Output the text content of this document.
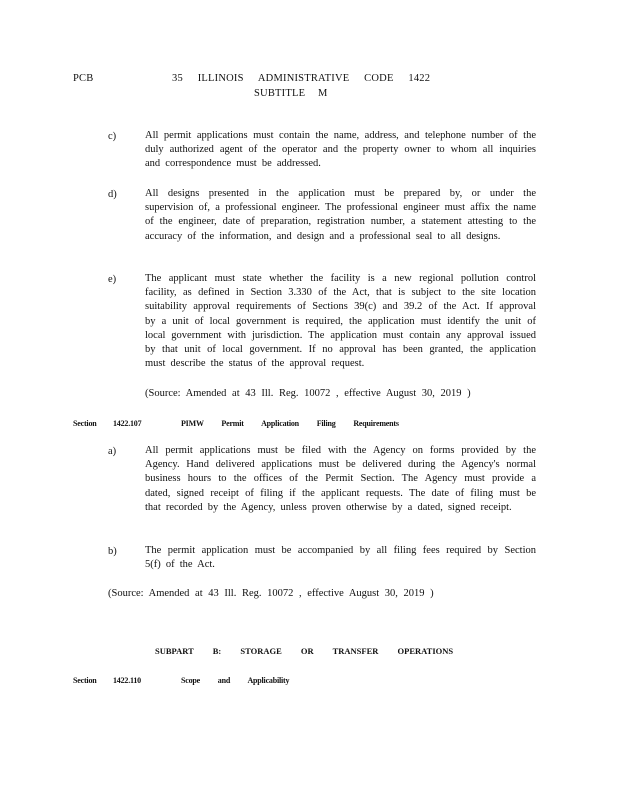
PCB	35 ILLINOIS ADMINISTRATIVE CODE 1422
SUBTITLE M
c)	All permit applications must contain the name, address, and telephone number of the duly authorized agent of the operator and the property owner to whom all inquiries and correspondence must be addressed.
d)	All designs presented in the application must be prepared by, or under the supervision of, a professional engineer. The professional engineer must affix the name of the engineer, date of preparation, registration number, a statement attesting to the accuracy of the information, and design and a professional seal to all designs.
e)	The applicant must state whether the facility is a new regional pollution control facility, as defined in Section 3.330 of the Act, that is subject to the site location suitability approval requirements of Sections 39(c) and 39.2 of the Act. If approval by a unit of local government is required, the application must identify the unit of local government with jurisdiction. The application must contain any approval issued by that unit of local government. If no approval has been granted, the application must describe the status of the approval request.
(Source: Amended at 43 Ill. Reg. 10072 , effective August 30, 2019 )
Section 1422.107	PIMW Permit Application Filing Requirements
a)	All permit applications must be filed with the Agency on forms provided by the Agency. Hand delivered applications must be delivered during the Agency's normal business hours to the offices of the Permit Section. The Agency must provide a dated, signed receipt of filing if the applicant requests. The date of filing must be that recorded by the Agency, unless proven otherwise by a dated, signed receipt.
b)	The permit application must be accompanied by all filing fees required by Section 5(f) of the Act.
(Source: Amended at 43 Ill. Reg. 10072 , effective August 30, 2019 )
SUBPART B: STORAGE OR TRANSFER OPERATIONS
Section 1422.110	Scope and Applicability
